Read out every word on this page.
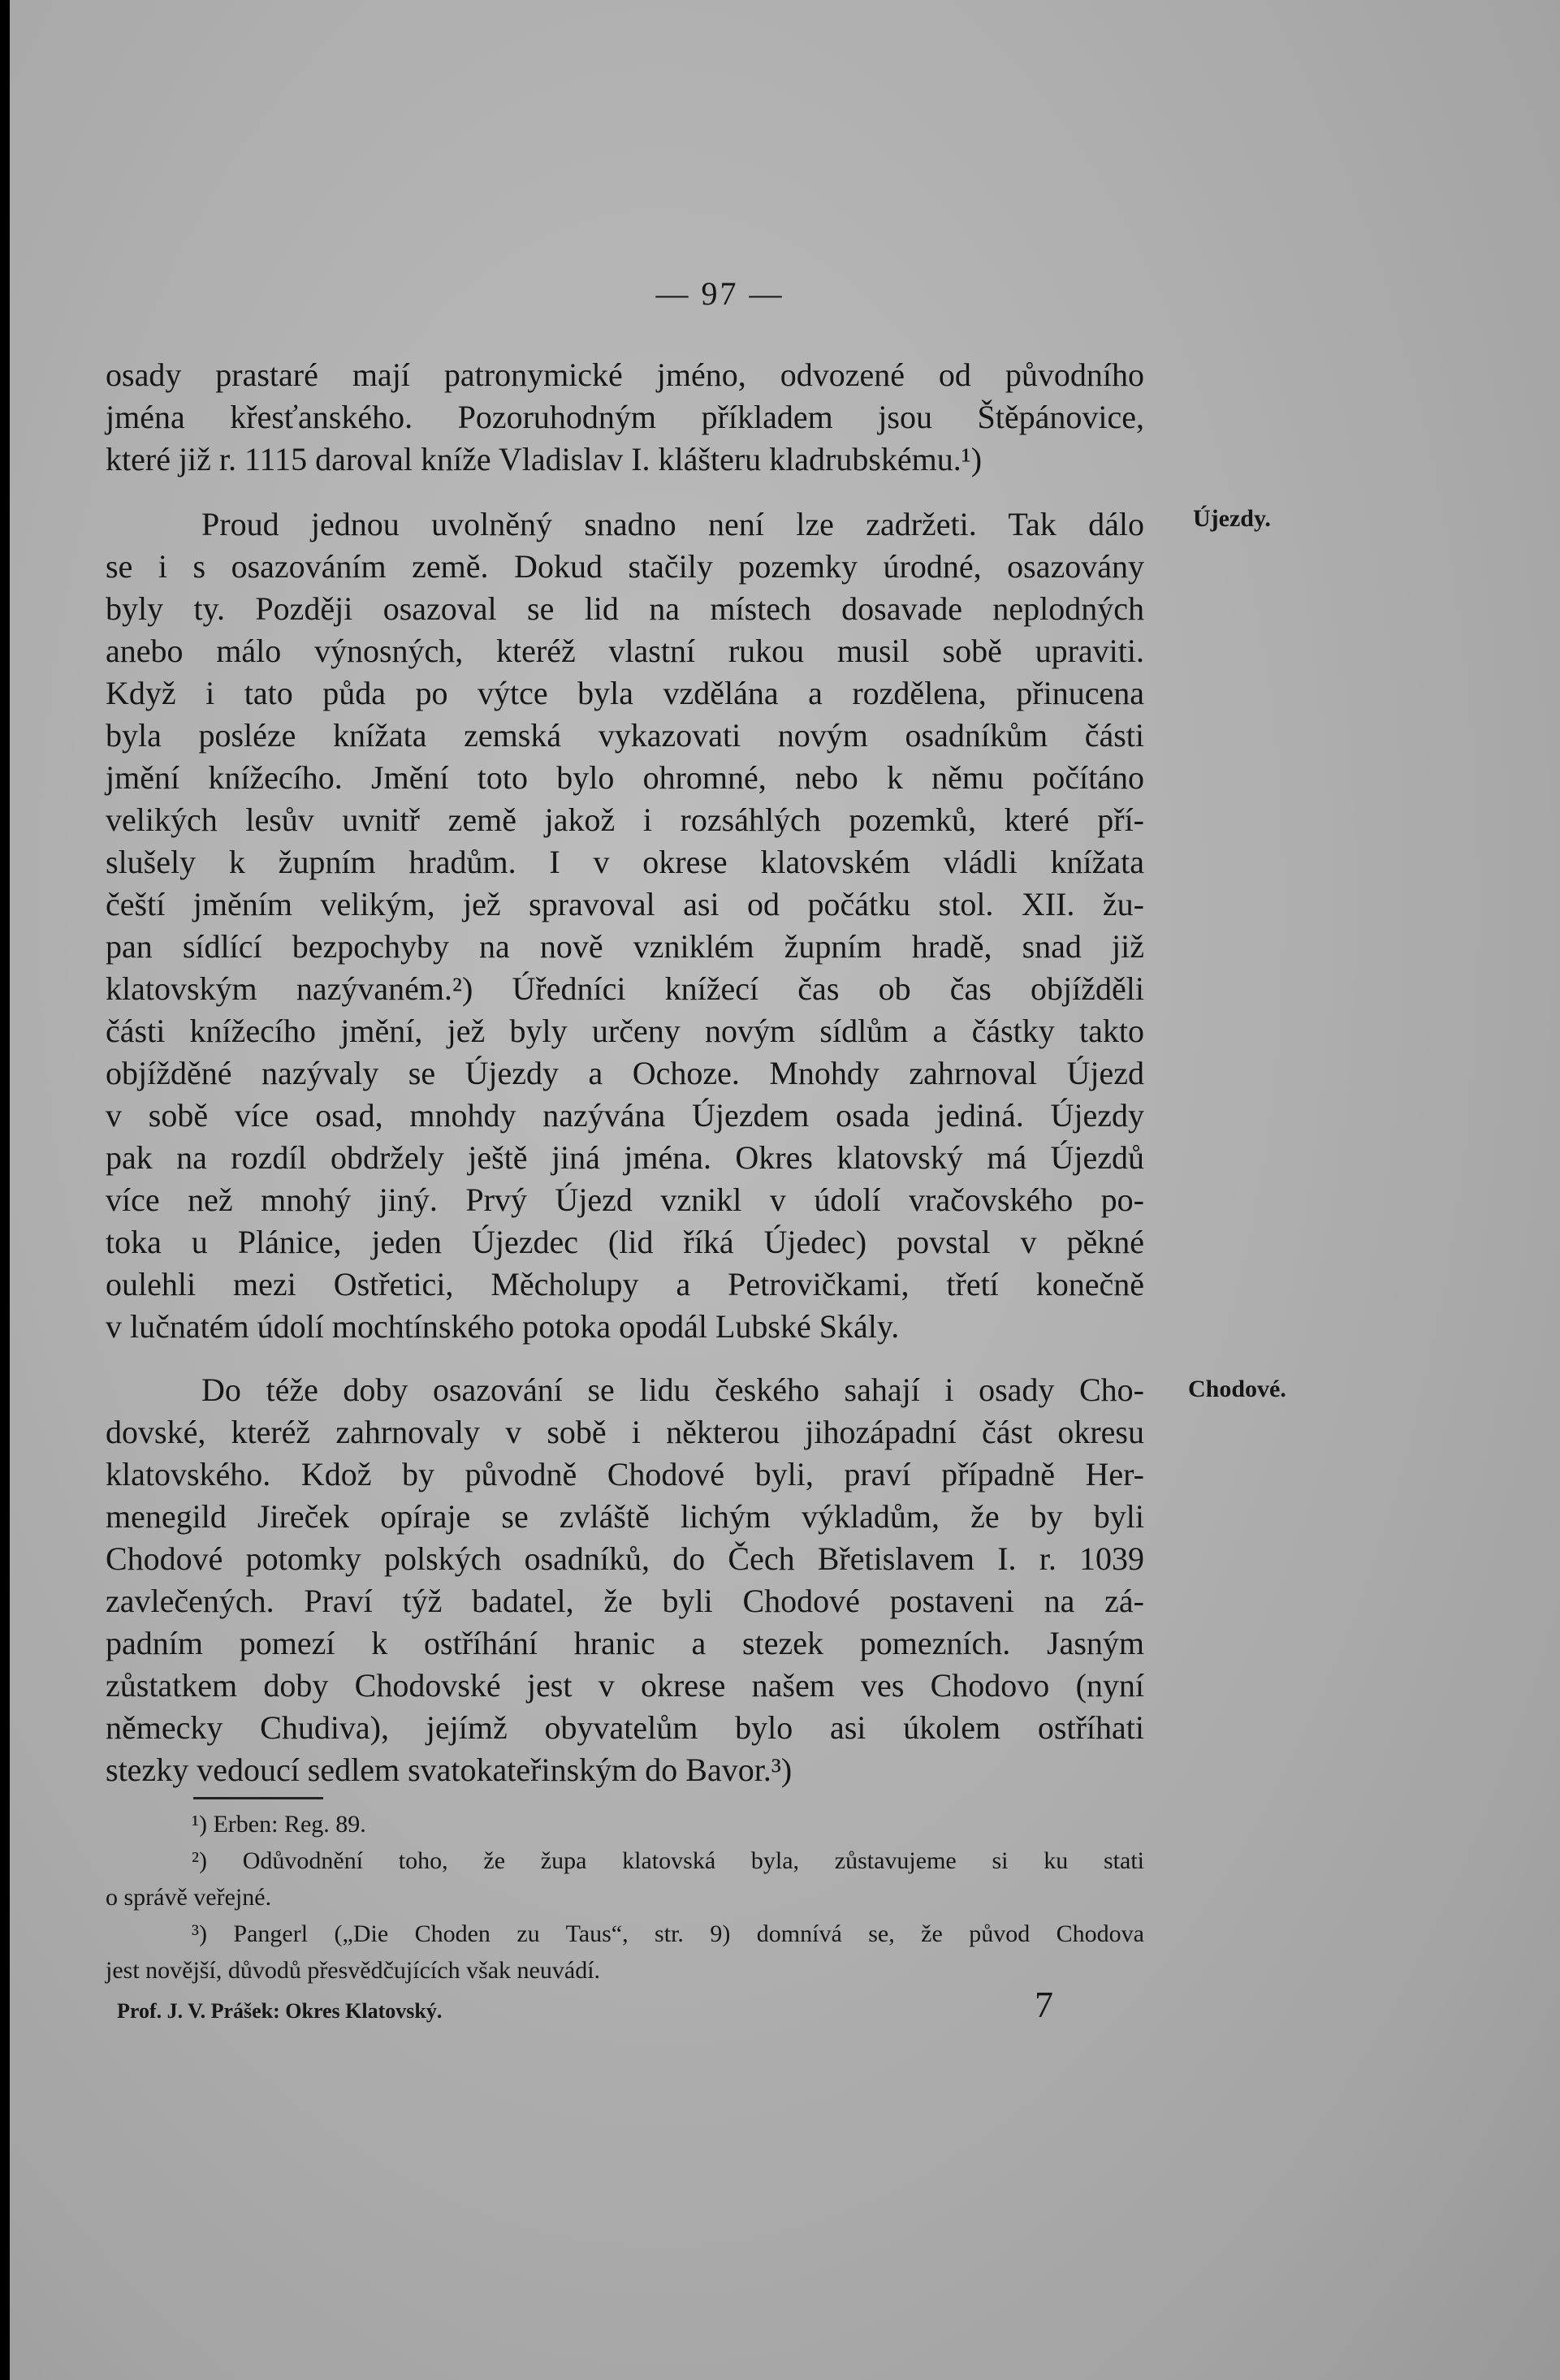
— 97 —
osady prastaré mají patronymické jméno, odvozené od původního
jména křesťanského. Pozoruhodným příkladem jsou Štěpánovice,
které již r. 1115 daroval kníže Vladislav I. klášteru kladrubskému.¹)
Proud jednou uvolněný snadno není lze zadržeti. Tak dálo
se i s osazováním země. Dokud stačily pozemky úrodné, osazovány
byly ty. Později osazoval se lid na místech dosavade neplodných
anebo málo výnosných, kteréž vlastní rukou musil sobě upraviti.
Když i tato půda po výtce byla vzdělána a rozdělena, přinucena
byla posléze knížata zemská vykazovati novým osadníkům části
jmění knížecího. Jmění toto bylo ohromné, nebo k němu počítáno
velikých lesův uvnitř země jakož i rozsáhlých pozemků, které pří-
slušely k župním hradům. I v okrese klatovském vládli knížata
čeští jměním velikým, jež spravoval asi od počátku stol. XII. žu-
pan sídlící bezpochyby na nově vzniklém župním hradě, snad již
klatovským nazývaném.²) Úředníci knížecí čas ob čas objížděli
části knížecího jmění, jež byly určeny novým sídlům a částky takto
objížděné nazývaly se Újezdy a Ochoze. Mnohdy zahrnoval Újezd
v sobě více osad, mnohdy nazývána Újezdem osada jediná. Újezdy
pak na rozdíl obdržely ještě jiná jména. Okres klatovský má Újezdů
více než mnohý jiný. Prvý Újezd vznikl v údolí vračovského po-
toka u Plánice, jeden Újezdec (lid říká Újedec) povstal v pěkné
oulehli mezi Ostřetici, Měcholupy a Petrovičkami, třetí konečně
v lučnatém údolí mochtínského potoka opodál Lubské Skály.
Do téže doby osazování se lidu českého sahají i osady Cho-
dovské, kteréž zahrnovaly v sobě i některou jihozápadní část okresu
klatovského. Kdož by původně Chodové byli, praví případně Her-
menegild Jireček opíraje se zvláště lichým výkladům, že by byli
Chodové potomky polských osadníků, do Čech Břetislavem I. r. 1039
zavlečených. Praví týž badatel, že byli Chodové postaveni na zá-
padním pomezí k ostříhání hranic a stezek pomezních. Jasným
zůstatkem doby Chodovské jest v okrese našem ves Chodovo (nyní
německy Chudiva), jejímž obyvatelům bylo asi úkolem ostříhati
stezky vedoucí sedlem svatokateřinským do Bavor.³)
Újezdy.
Chodové.
¹) Erben: Reg. 89.
²) Odůvodnění toho, že župa klatovská byla, zůstavujeme si ku stati
o správě veřejné.
³) Pangerl („Die Choden zu Taus“, str. 9) domnívá se, že původ Chodova
jest novější, důvodů přesvědčujících však neuvádí.
Prof. J. V. Prášek: Okres Klatovský.	7
